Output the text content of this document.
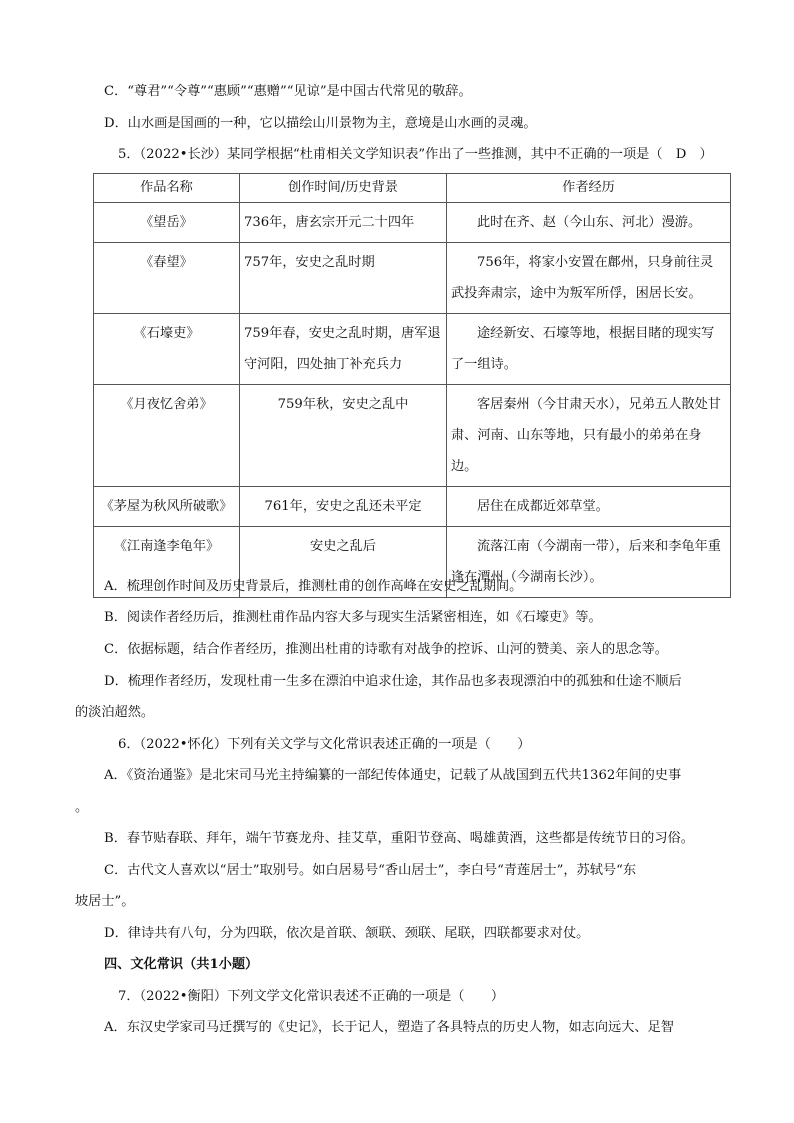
C．“尊君”“令尊”“惠顾”“惠赠”“见谅”是中国古代常见的敬辞。
D．山水画是国画的一种，它以描绘山川景物为主，意境是山水画的灵魂。
5．（2022•长沙）某同学根据“杜甫相关文学知识表”作出了一些推测，其中不正确的一项是（　D　）
作品名称	创作时间/历史背景	作者经历
《望岳》	736年，唐玄宗开元二十四年	此时在齐、赵（今山东、河北）漫游。
《春望》	757年，安史之乱时期	756年，将家小安置在鄜州，只身前往灵武投奔肃宗，途中为叛军所俘，困居长安。
《石壕吏》	759年春，安史之乱时期，唐军退守河阳，四处抽丁补充兵力	途经新安、石壕等地，根据目睹的现实写了一组诗。
《月夜忆舍弟》	759年秋，安史之乱中	客居秦州（今甘肃天水），兄弟五人散处甘肃、河南、山东等地，只有最小的弟弟在身边。
《茅屋为秋风所破歌》	761年，安史之乱还未平定	居住在成都近郊草堂。
《江南逢李龟年》	安史之乱后	流落江南（今湖南一带），后来和李龟年重逢在潭州（今湖南长沙）。
A．梳理创作时间及历史背景后，推测杜甫的创作高峰在安史之乱期间。
B．阅读作者经历后，推测杜甫作品内容大多与现实生活紧密相连，如《石壕吏》等。
C．依据标题，结合作者经历，推测出杜甫的诗歌有对战争的控诉、山河的赞美、亲人的思念等。
D．梳理作者经历，发现杜甫一生多在漂泊中追求仕途，其作品也多表现漂泊中的孤独和仕途不顺后
的淡泊超然。
6．（2022•怀化）下列有关文学与文化常识表述正确的一项是（　　）
A．《资治通鉴》是北宋司马光主持编纂的一部纪传体通史，记载了从战国到五代共1362年间的史事
。
B．春节贴春联、拜年，端午节赛龙舟、挂艾草，重阳节登高、喝雄黄酒，这些都是传统节日的习俗。
C．古代文人喜欢以“居士”取别号。如白居易号“香山居士”，李白号“青莲居士”，苏轼号“东
坡居士”。
D．律诗共有八句，分为四联，依次是首联、颔联、颈联、尾联，四联都要求对仗。
四、文化常识（共1小题）
7．（2022•衡阳）下列文学文化常识表述不正确的一项是（　　）
A．东汉史学家司马迁撰写的《史记》，长于记人，塑造了各具特点的历史人物，如志向远大、足智
